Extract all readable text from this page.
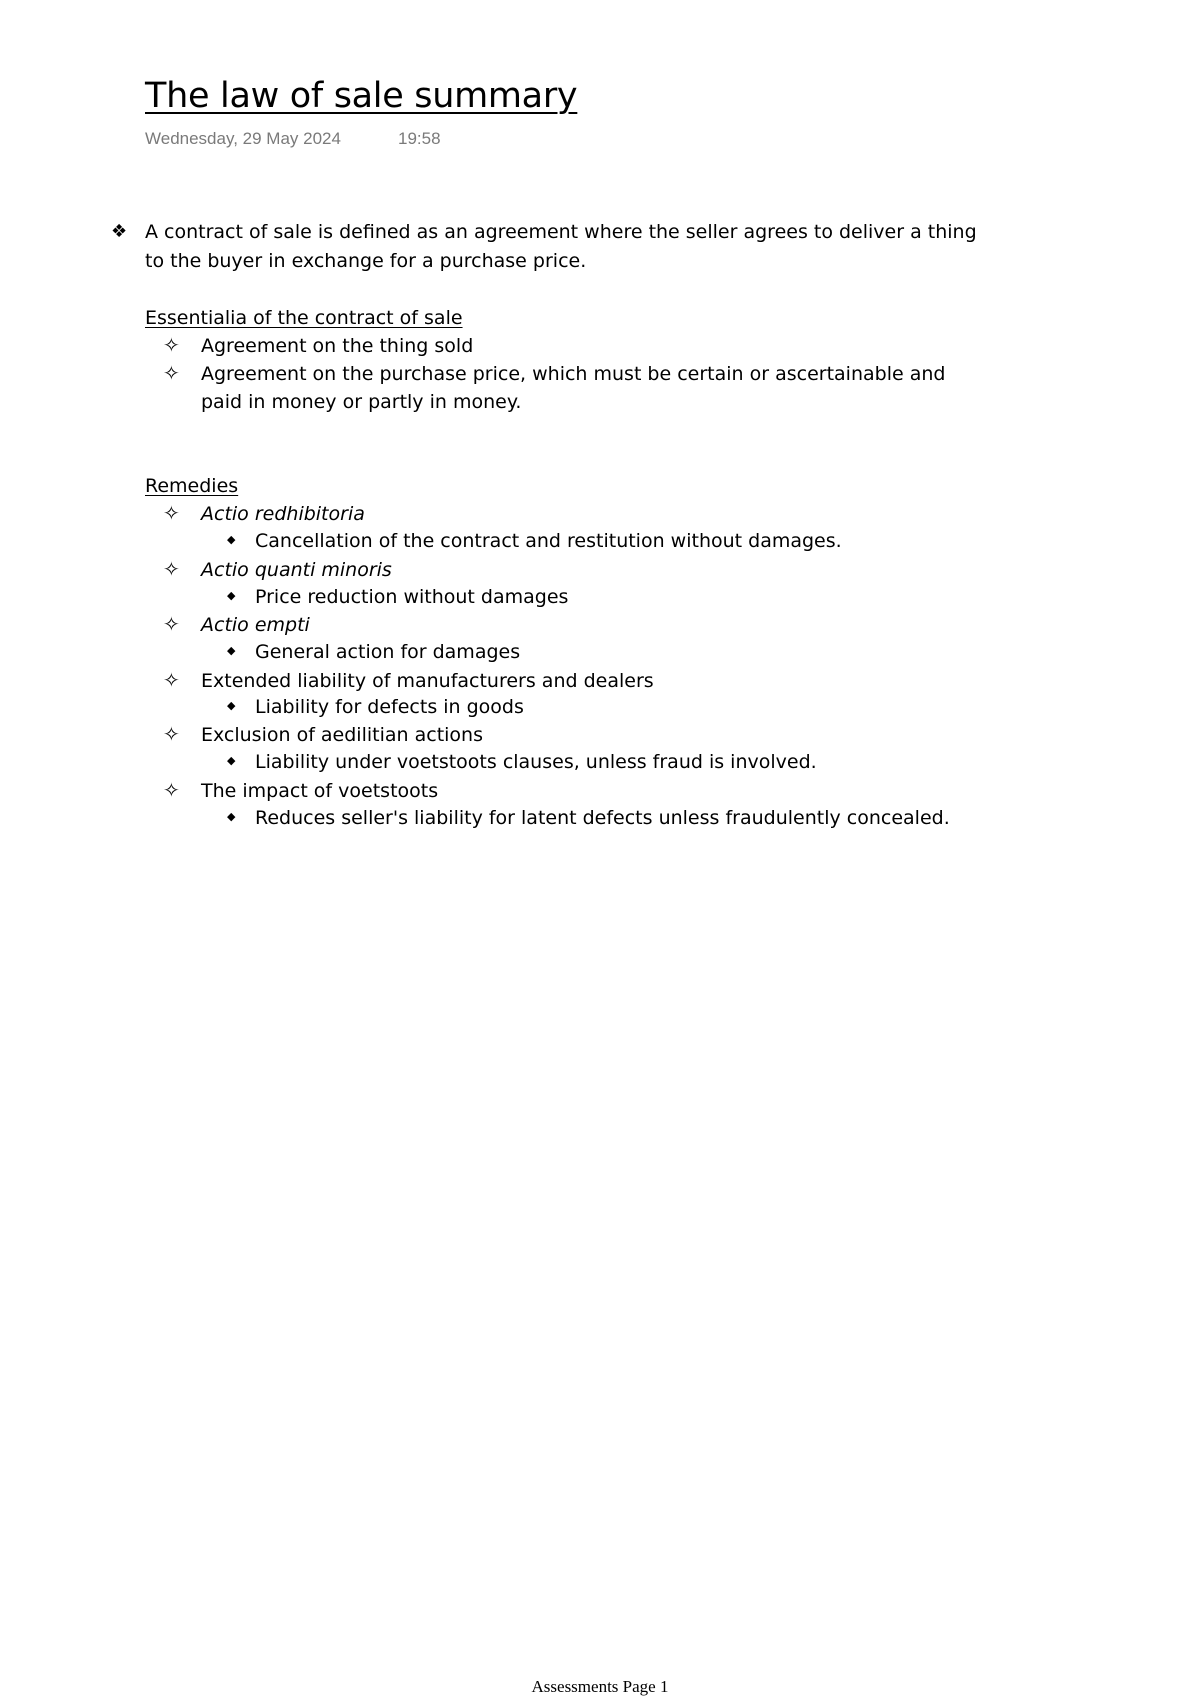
The law of sale summary
Wednesday, 29 May 2024	19:58
❖ A contract of sale is defined as an agreement where the seller agrees to deliver a thing
to the buyer in exchange for a purchase price.
Essentialia of the contract of sale
✧ Agreement on the thing sold
✧ Agreement on the purchase price, which must be certain or ascertainable and
paid in money or partly in money.
Remedies
✧ Actio redhibitoria
◆ Cancellation of the contract and restitution without damages.
✧ Actio quanti minoris
◆ Price reduction without damages
✧ Actio empti
◆ General action for damages
✧ Extended liability of manufacturers and dealers
◆ Liability for defects in goods
✧ Exclusion of aedilitian actions
◆ Liability under voetstoots clauses, unless fraud is involved.
✧ The impact of voetstoots
◆ Reduces seller's liability for latent defects unless fraudulently concealed.
Assessments Page 1
